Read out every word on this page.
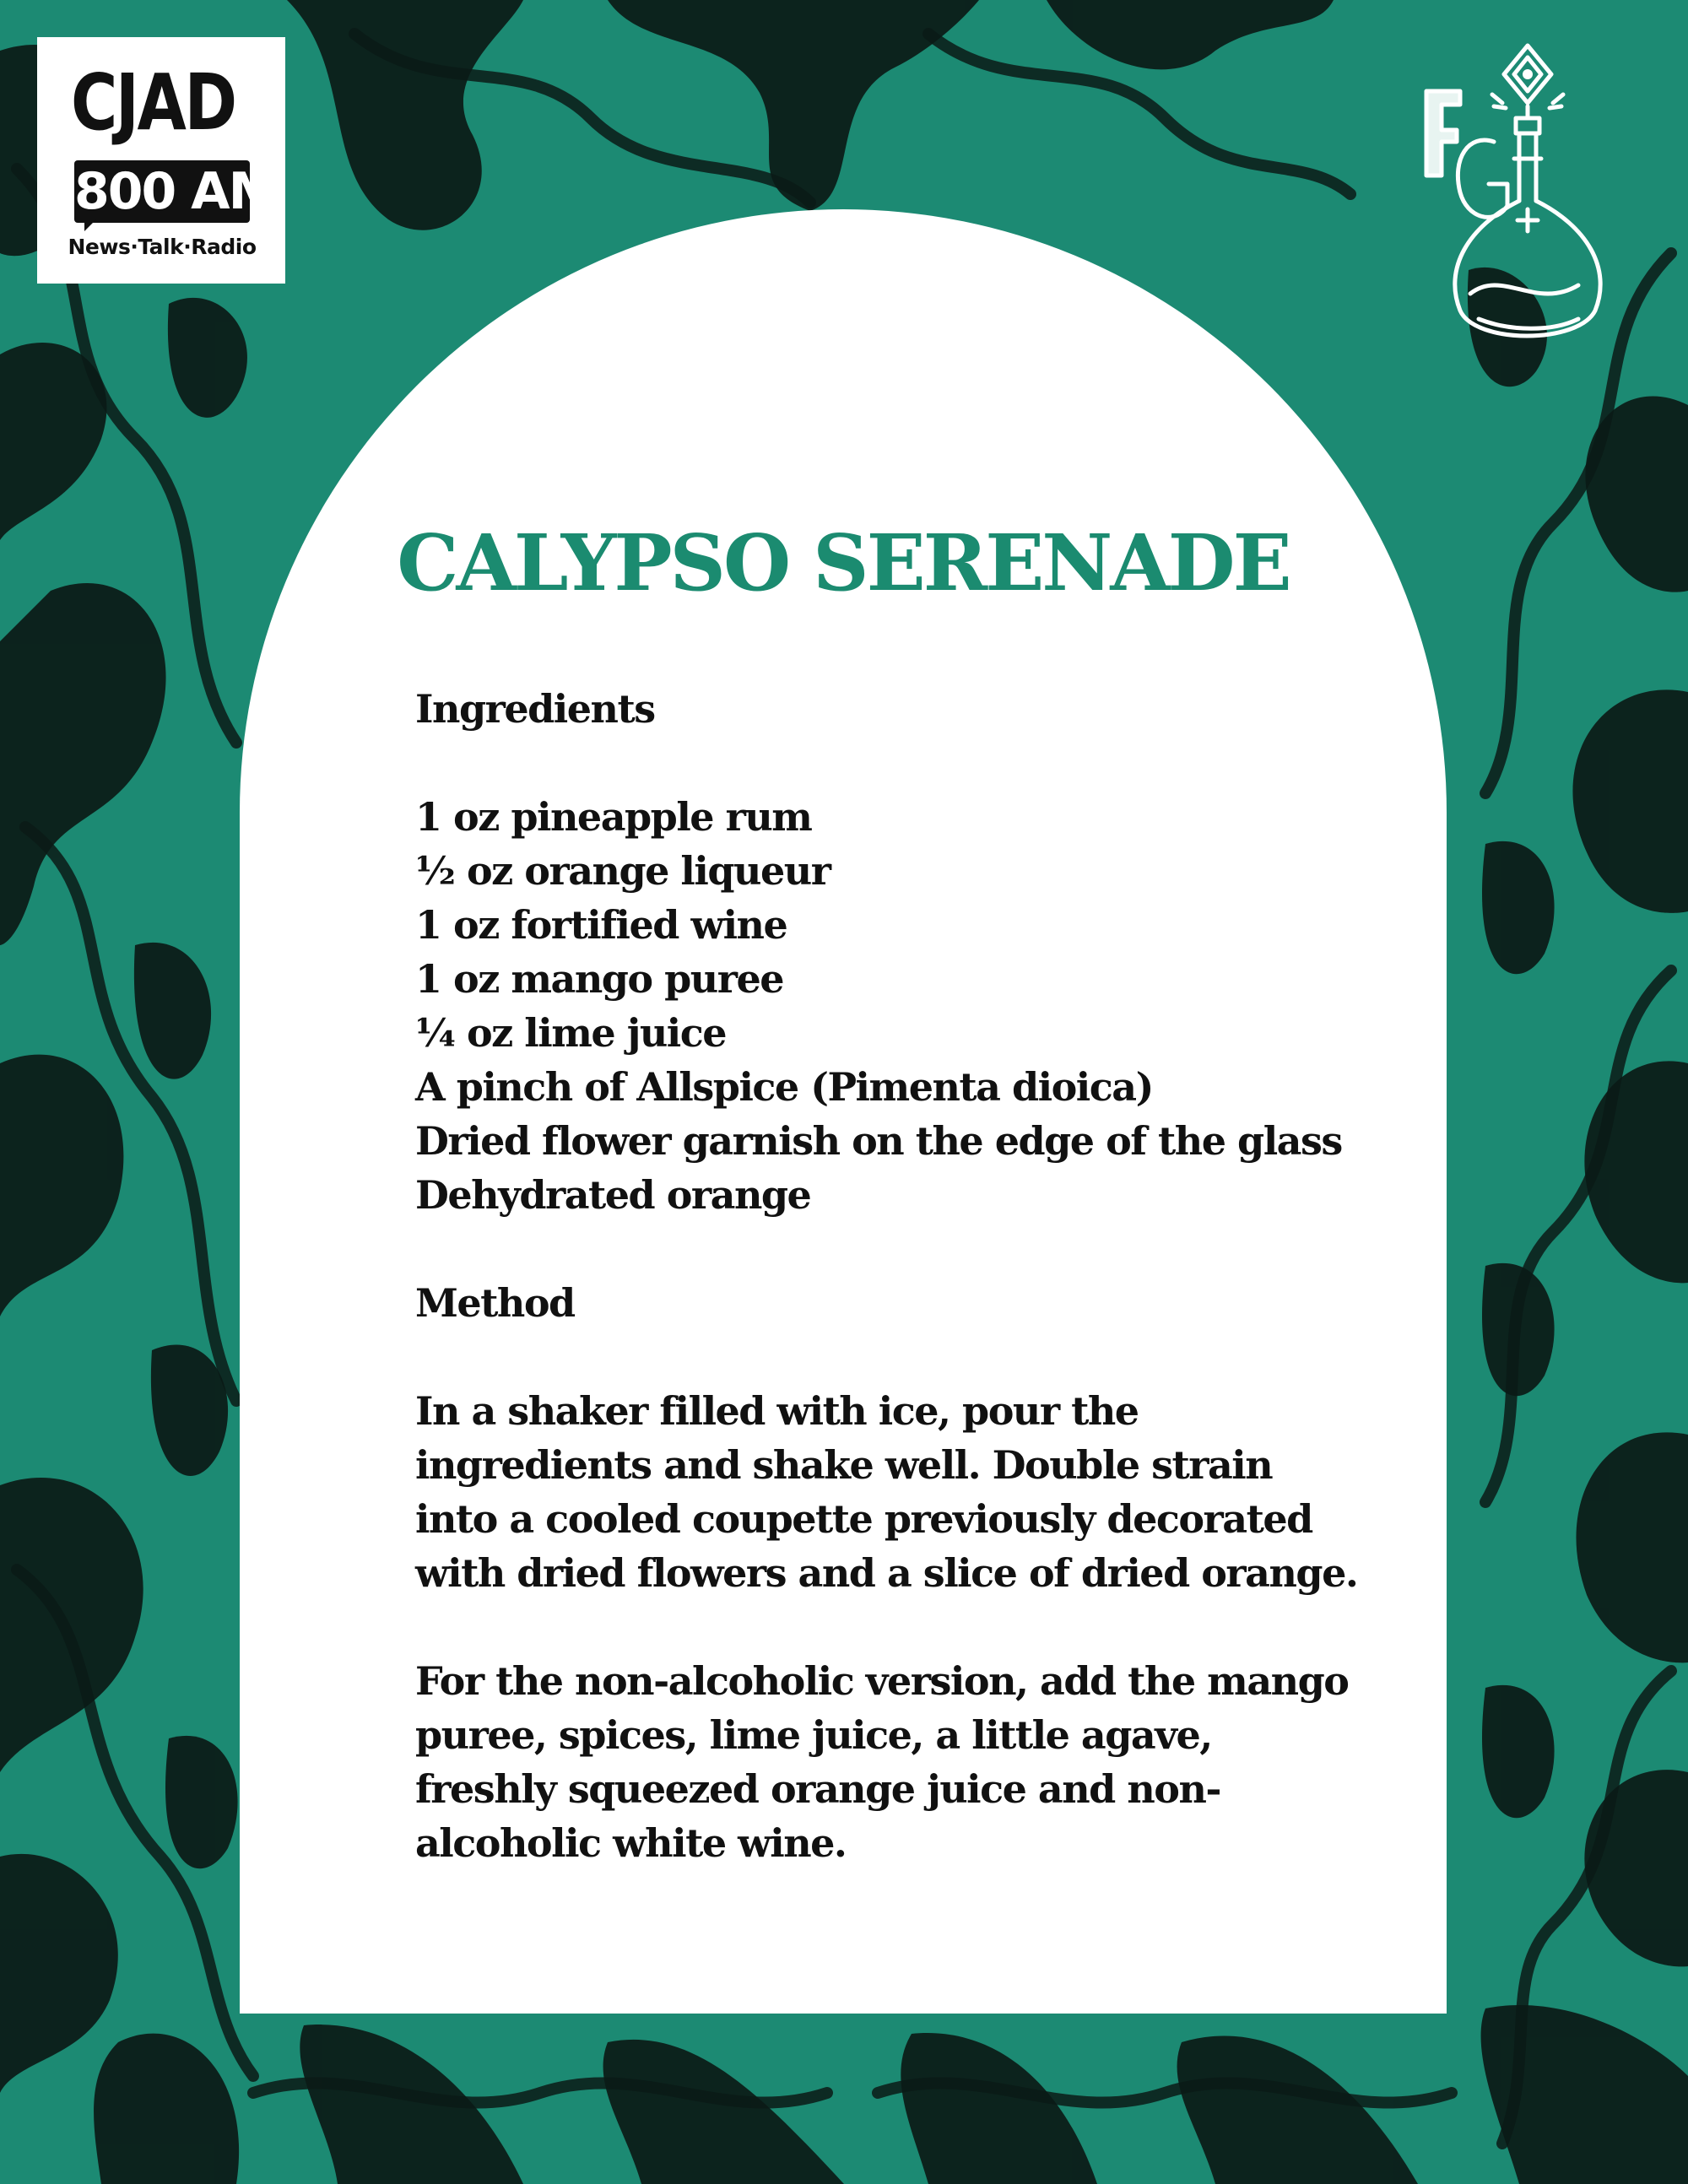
CJAD
800 AM
News·Talk·Radio
CALYPSO SERENADE
Ingredients
1 oz pineapple rum
½ oz orange liqueur
1 oz fortified wine
1 oz mango puree
¼ oz lime juice
A pinch of Allspice (Pimenta dioica)
Dried flower garnish on the edge of the glass
Dehydrated orange
Method

In a shaker filled with ice, pour the ingredients and shake well. Double strain into a cooled coupette previously decorated with dried flowers and a slice of dried orange.

For the non-alcoholic version, add the mango puree, spices, lime juice, a little agave, freshly squeezed orange juice and non-alcoholic white wine.
